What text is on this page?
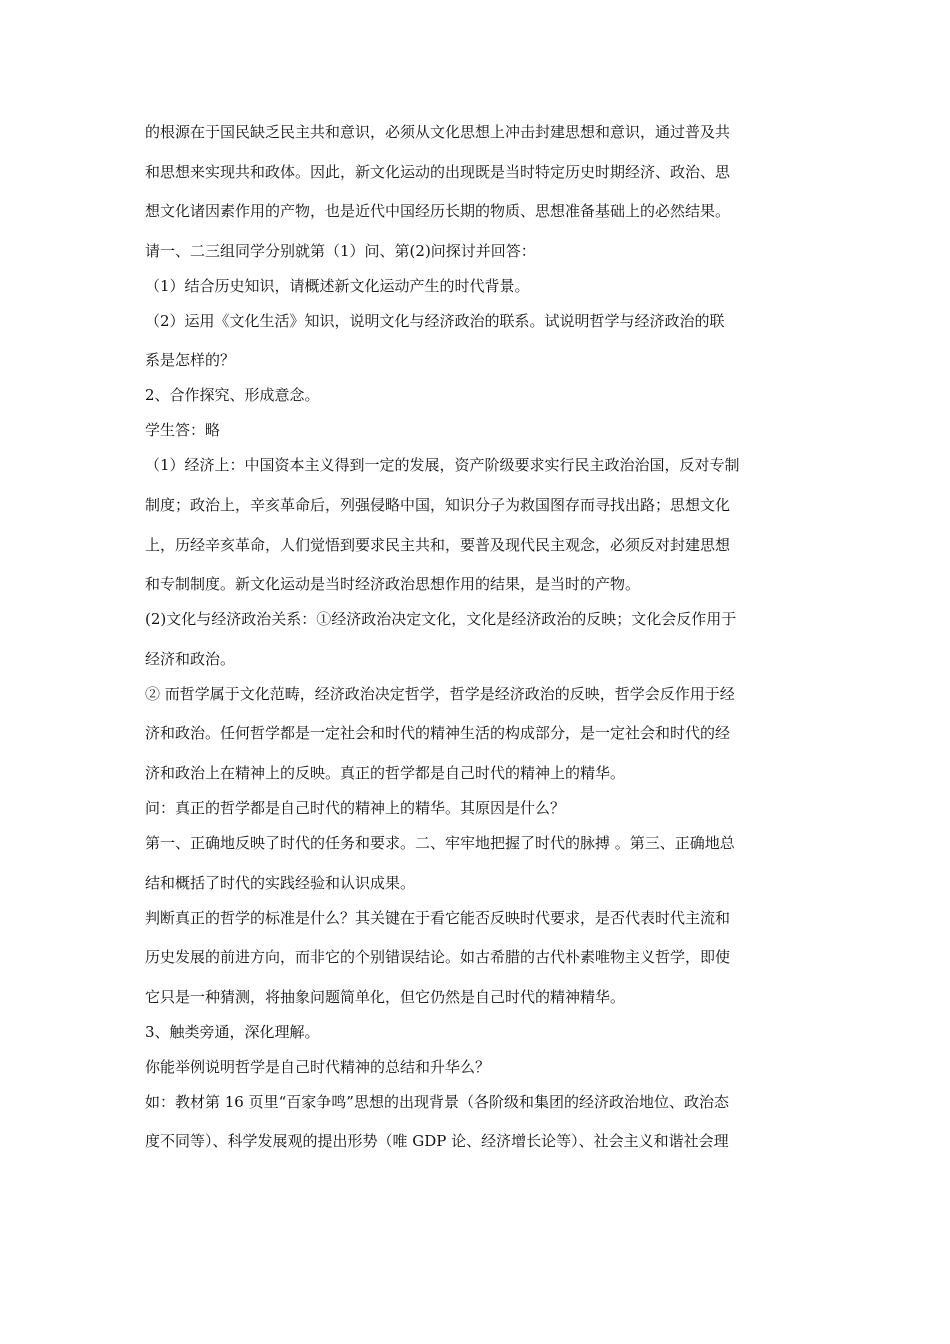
的根源在于国民缺乏民主共和意识，必须从文化思想上冲击封建思想和意识，通过普及共
和思想来实现共和政体。因此，新文化运动的出现既是当时特定历史时期经济、政治、思
想文化诸因素作用的产物，也是近代中国经历长期的物质、思想准备基础上的必然结果。
请一、二三组同学分别就第（1）问、第(2)问探讨并回答：
（1）结合历史知识，请概述新文化运动产生的时代背景。
（2）运用《文化生活》知识，说明文化与经济政治的联系。试说明哲学与经济政治的联
系是怎样的？
2、合作探究、形成意念。
学生答：略
（1）经济上：中国资本主义得到一定的发展，资产阶级要求实行民主政治治国，反对专制
制度；政治上，辛亥革命后，列强侵略中国，知识分子为救国图存而寻找出路；思想文化
上，历经辛亥革命，人们觉悟到要求民主共和，要普及现代民主观念，必须反对封建思想
和专制制度。新文化运动是当时经济政治思想作用的结果，是当时的产物。
(2)文化与经济政治关系：①经济政治决定文化，文化是经济政治的反映；文化会反作用于
经济和政治。
② 而哲学属于文化范畴，经济政治决定哲学，哲学是经济政治的反映，哲学会反作用于经
济和政治。任何哲学都是一定社会和时代的精神生活的构成部分，是一定社会和时代的经
济和政治上在精神上的反映。真正的哲学都是自己时代的精神上的精华。
问：真正的哲学都是自己时代的精神上的精华。其原因是什么？
第一、正确地反映了时代的任务和要求。二、牢牢地把握了时代的脉搏 。第三、正确地总
结和概括了时代的实践经验和认识成果。
判断真正的哲学的标准是什么？其关键在于看它能否反映时代要求，是否代表时代主流和
历史发展的前进方向，而非它的个别错误结论。如古希腊的古代朴素唯物主义哲学，即使
它只是一种猜测，将抽象问题简单化，但它仍然是自己时代的精神精华。
3、触类旁通，深化理解。
你能举例说明哲学是自己时代精神的总结和升华么？
如：教材第 16 页里“百家争鸣”思想的出现背景（各阶级和集团的经济政治地位、政治态
度不同等）、科学发展观的提出形势（唯 GDP 论、经济增长论等）、社会主义和谐社会理
